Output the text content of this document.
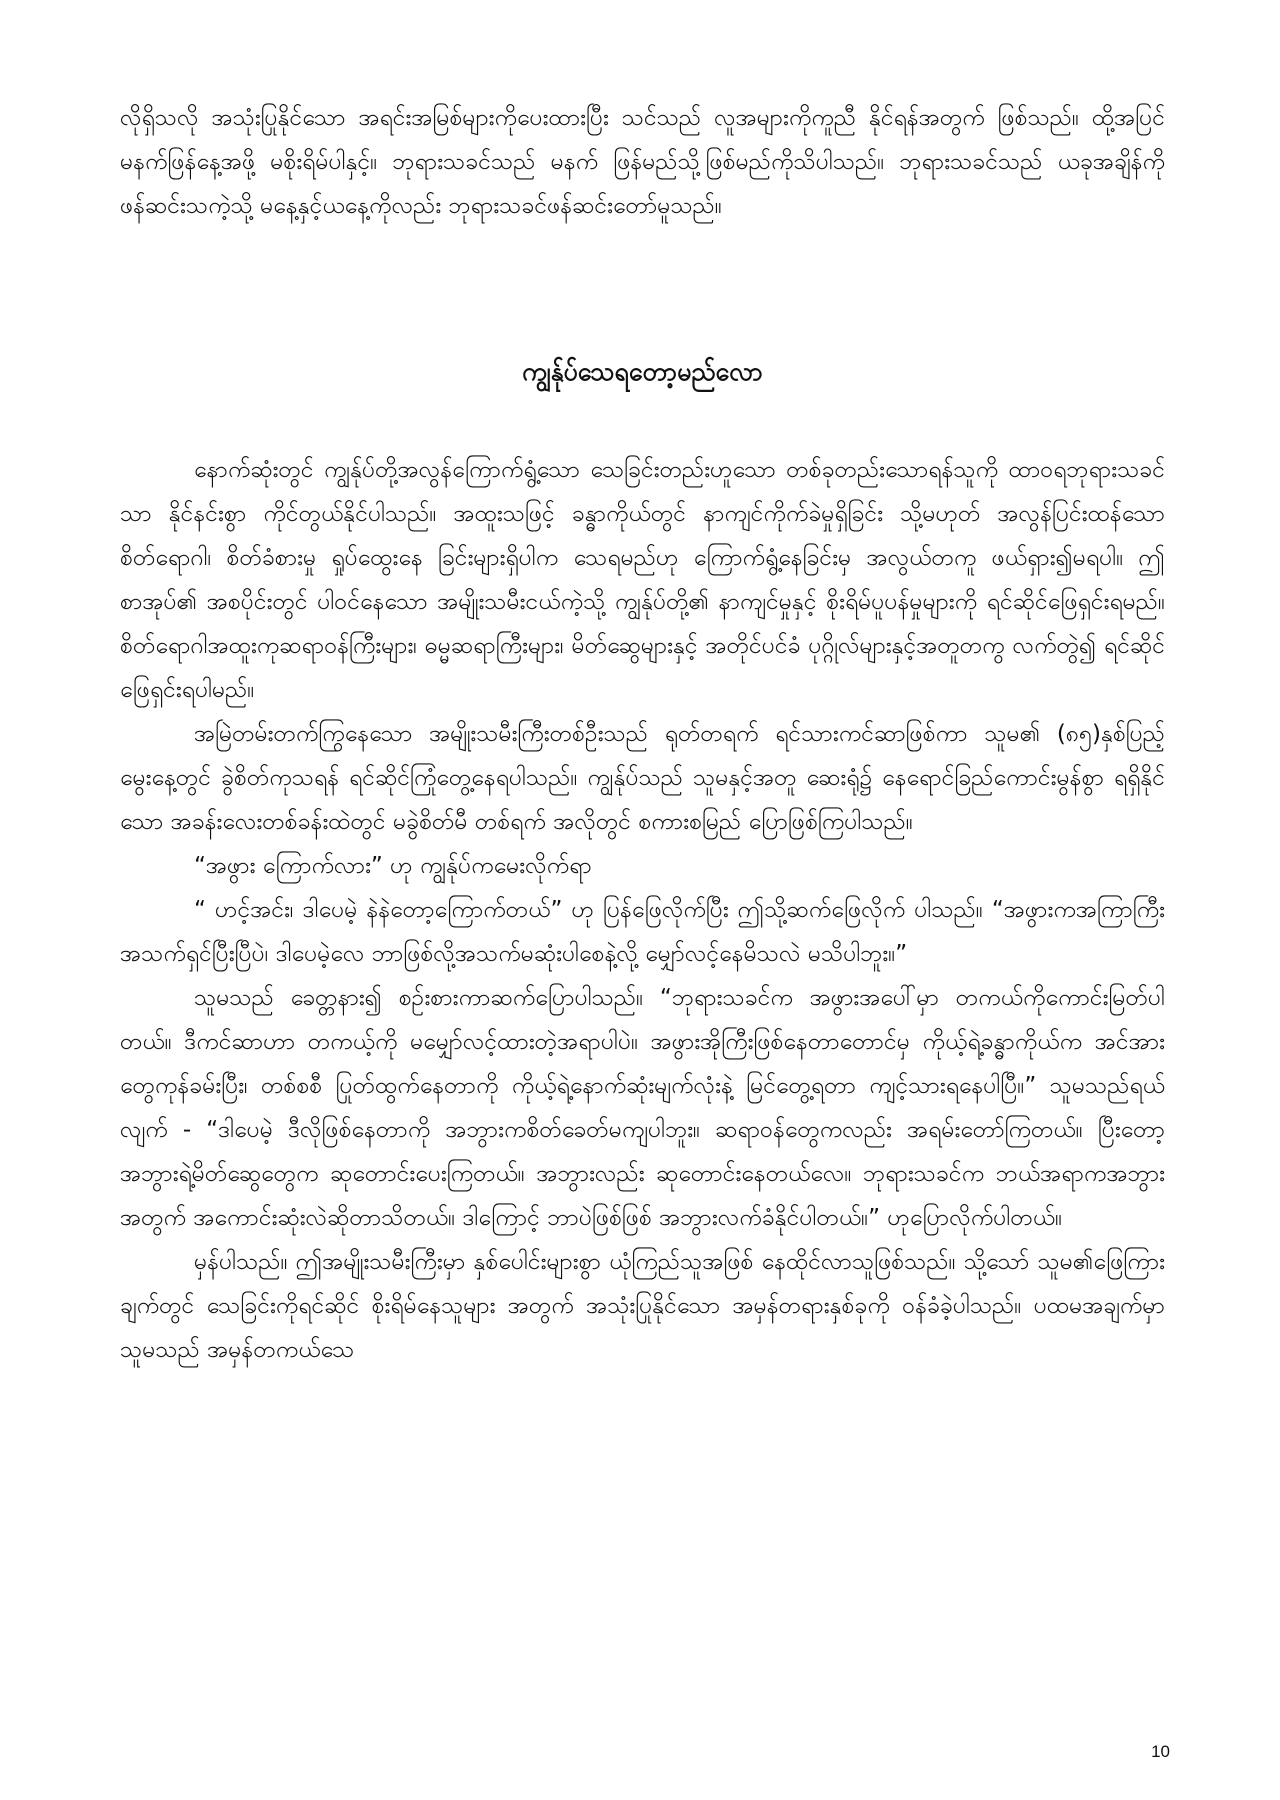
လိုရှိသလို အသုံးပြုနိုင်သော အရင်းအမြစ်များကိုပေးထားပြီး သင်သည် လူအများကိုကူညီ နိုင်ရန်အတွက် ဖြစ်သည်။ ထို့အပြင် မနက်ဖြန်နေ့အဖို့ မစိုးရိမ်ပါနှင့်။ ဘုရားသခင်သည် မနက် ဖြန်မည်သို့ဖြစ်မည်ကိုသိပါသည်။ ဘုရားသခင်သည် ယခုအချိန်ကို ဖန်ဆင်းသကဲ့သို့ မနေ့နှင့်ယနေ့ကိုလည်း ဘုရားသခင်ဖန်ဆင်းတော်မူသည်။

ကျွန်ုပ်သေရတော့မည်လော

နောက်ဆုံးတွင် ကျွန်ုပ်တို့အလွန်ကြောက်ရွံ့သော သေခြင်းတည်းဟူသော တစ်ခုတည်းသောရန်သူကို ထာဝရဘုရားသခင်သာ နိုင်နင်းစွာ ကိုင်တွယ်နိုင်ပါသည်။ အထူးသဖြင့် ခန္ဓာကိုယ်တွင် နာကျင်ကိုက်ခဲမှုရှိခြင်း သို့မဟုတ် အလွန်ပြင်းထန်သော စိတ်ရောဂါ၊ စိတ်ခံစားမှု ရှုပ်ထွေးနေ ခြင်းများရှိပါက သေရမည်ဟု ကြောက်ရွံ့နေခြင်းမှ အလွယ်တကူ ဖယ်ရှား၍မရပါ။ ဤစာအုပ်၏ အစပိုင်းတွင် ပါဝင်နေသော အမျိုးသမီးငယ်ကဲ့သို့ ကျွန်ုပ်တို့၏ နာကျင်မှုနှင့် စိုးရိမ်ပူပန်မှုများကို ရင်ဆိုင်ဖြေရှင်းရမည်။ စိတ်ရောဂါအထူးကုဆရာဝန်ကြီးများ၊ ဓမ္မဆရာကြီးများ၊ မိတ်ဆွေများနှင့် အတိုင်ပင်ခံ ပုဂ္ဂိုလ်များနှင့်အတူတကွ လက်တွဲ၍ ရင်ဆိုင်ဖြေရှင်းရပါမည်။

အမြဲတမ်းတက်ကြွနေသော အမျိုးသမီးကြီးတစ်ဦးသည် ရုတ်တရက် ရင်သားကင်ဆာဖြစ်ကာ သူမ၏ (၈၅)နှစ်ပြည့်မွေးနေ့တွင် ခွဲစိတ်ကုသရန် ရင်ဆိုင်ကြုံတွေ့နေရပါသည်။ ကျွန်ုပ်သည် သူမနှင့်အတူ ဆေးရုံ၌ နေရောင်ခြည်ကောင်းမွန်စွာ ရရှိနိုင်သော အခန်းလေးတစ်ခန်းထဲတွင် မခွဲစိတ်မီ တစ်ရက် အလိုတွင် စကားစမြည် ပြောဖြစ်ကြပါသည်။

“အဖွား ကြောက်လား” ဟု ကျွန်ုပ်ကမေးလိုက်ရာ

“ ဟင့်အင်း၊ ဒါပေမဲ့ နဲနဲတော့ကြောက်တယ်” ဟု ပြန်ဖြေလိုက်ပြီး ဤသို့ဆက်ဖြေလိုက် ပါသည်။ “အဖွားကအကြာကြီး အသက်ရှင်ပြီးပြီပဲ၊ ဒါပေမဲ့လေ ဘာဖြစ်လို့အသက်မဆုံးပါစေနဲ့လို့ မျှော်လင့်နေမိသလဲ မသိပါဘူး။”

သူမသည် ခေတ္တနား၍ စဉ်းစားကာဆက်ပြောပါသည်။ “ဘုရားသခင်က အဖွားအပေါ်မှာ တကယ်ကိုကောင်းမြတ်ပါတယ်။ ဒီကင်ဆာဟာ တကယ့်ကို မမျှော်လင့်ထားတဲ့အရာပါပဲ။ အဖွားအိုကြီးဖြစ်နေတာတောင်မှ ကိုယ့်ရဲ့ခန္ဓာကိုယ်က အင်အားတွေကုန်ခမ်းပြီး၊ တစ်စစီ ပြုတ်ထွက်နေတာကို ကိုယ့်ရဲ့နောက်ဆုံးမျက်လုံးနဲ့ မြင်တွေ့ရတာ ကျင့်သားရနေပါပြီ။” သူမသည်ရယ်လျက် - “ဒါပေမဲ့ ဒီလိုဖြစ်နေတာကို အဘွားကစိတ်ခေတ်မကျပါဘူး။ ဆရာဝန်တွေကလည်း အရမ်းတော်ကြတယ်။ ပြီးတော့ အဘွားရဲ့မိတ်ဆွေတွေက ဆုတောင်းပေးကြတယ်။ အဘွားလည်း ဆုတောင်းနေတယ်လေ။ ဘုရားသခင်က ဘယ်အရာကအဘွားအတွက် အကောင်းဆုံးလဲဆိုတာသိတယ်။ ဒါကြောင့် ဘာပဲဖြစ်ဖြစ် အဘွားလက်ခံနိုင်ပါတယ်။” ဟုပြောလိုက်ပါတယ်။

မှန်ပါသည်။ ဤအမျိုးသမီးကြီးမှာ နှစ်ပေါင်းများစွာ ယုံကြည်သူအဖြစ် နေထိုင်လာသူဖြစ်သည်။ သို့သော် သူမ၏ဖြေကြားချက်တွင် သေခြင်းကိုရင်ဆိုင် စိုးရိမ်နေသူများ အတွက် အသုံးပြုနိုင်သော အမှန်တရားနှစ်ခုကို ဝန်ခံခဲ့ပါသည်။ ပထမအချက်မှာ သူမသည် အမှန်တကယ်သေ

10
